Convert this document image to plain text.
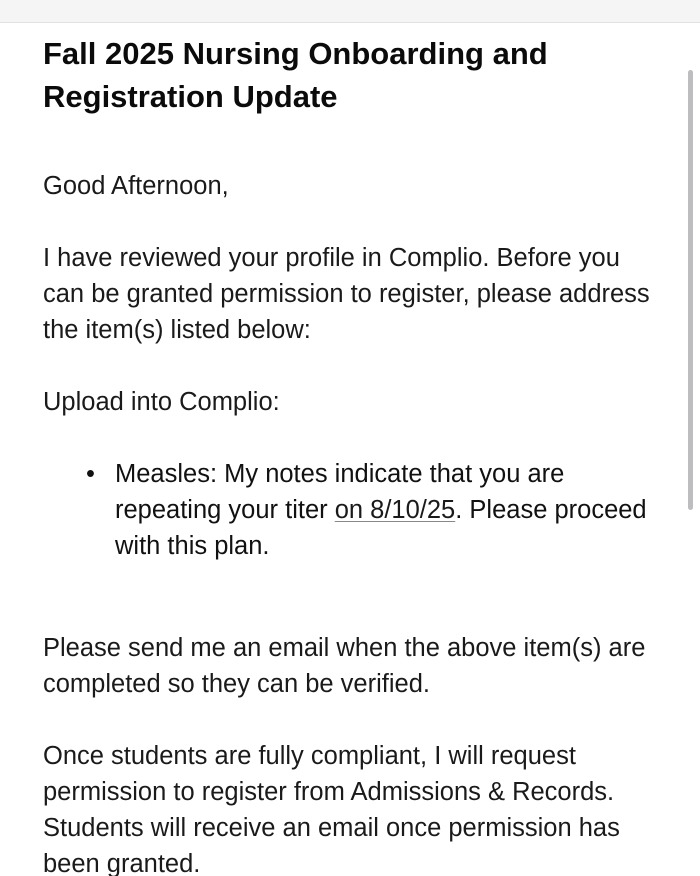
Fall 2025 Nursing Onboarding and Registration Update

Good Afternoon,

I have reviewed your profile in Complio. Before you can be granted permission to register, please address the item(s) listed below:

Upload into Complio:

• Measles: My notes indicate that you are repeating your titer on 8/10/25. Please proceed with this plan.

Please send me an email when the above item(s) are completed so they can be verified.

Once students are fully compliant, I will request permission to register from Admissions & Records. Students will receive an email once permission has been granted.
